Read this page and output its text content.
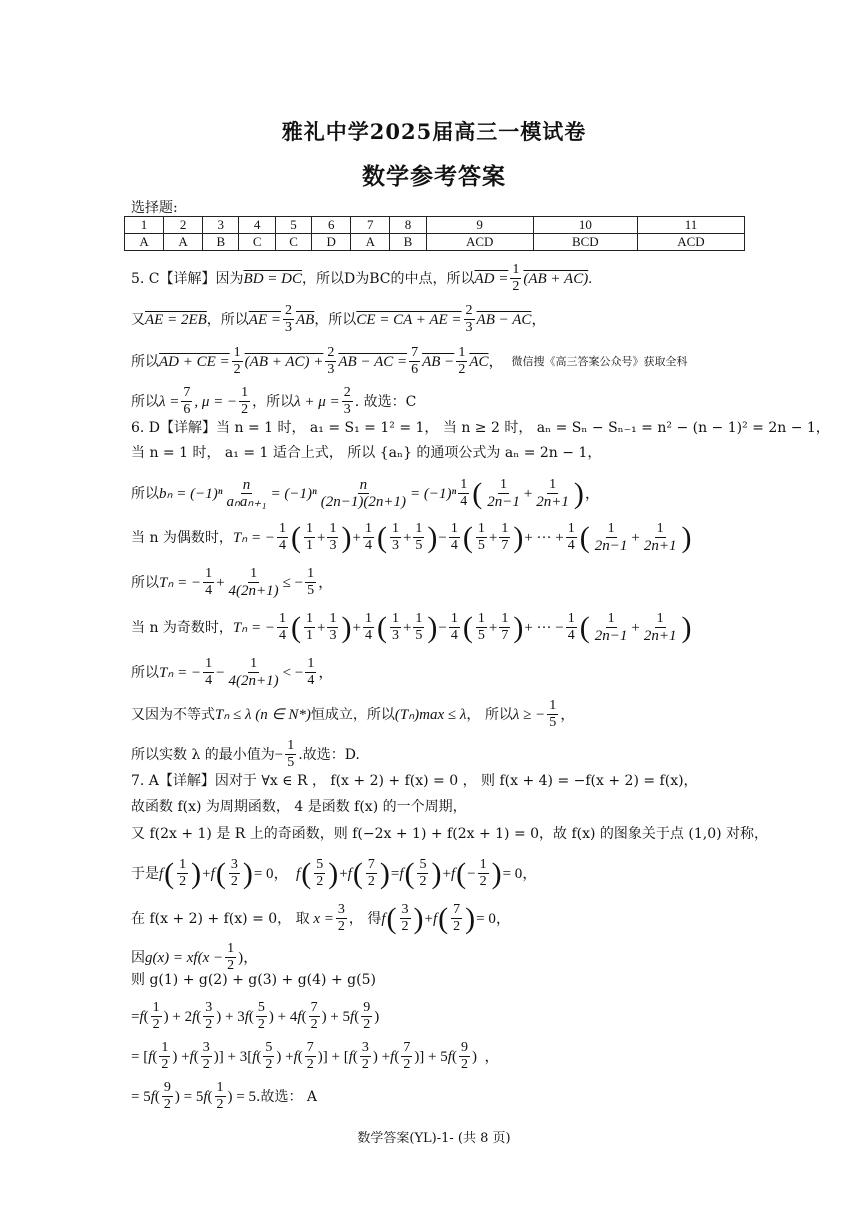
雅礼中学2025届高三一模试卷
数学参考答案
选择题:
1	2	3	4	5	6	7	8	9	10	11
A	A	B	C	C	D	A	B	ACD	BCD	ACD
5. C【详解】因为 BD = DC ，所以D为BC的中点，所以 AD = $\frac{1}{2} (AB + AC)$ .
又 AE = 2EB ，所以 AE = $\frac{2}{3} \overline{AB}$ ，所以 CE = CA + AE = $\frac{2}{3}$ AB − AC ，
所以 AD + CE = $\frac{1}{2} (AB + AC) + \frac{2}{3}$ AB − AC = $\frac{7}{6}$ AB − $\frac{1}{2} \overline{AC}$ ， 微信搜《高三答案公众号》获取全科
所以 $\lambda = \frac{7}{6}$ , μ = − $\frac{1}{2}$ ，所以 $\lambda + \mu = \frac{2}{3}$ . 故选：C
6. D【详解】当 n = 1 时， a₁ = S₁ = 1² = 1， 当 n ≥ 2 时， aₙ = Sₙ − Sₙ₋₁ = n² − (n − 1)² = 2n − 1，
当 n = 1 时， a₁ = 1 适合上式， 所以 {aₙ} 的通项公式为 aₙ = 2n − 1，
所以 $b_n = (-1)^n \frac{n}{\text{aₙaₙ₊₁}} = (-1)^n \frac{n}{(2n-1)(2n+1)} = (-1)^n \frac{1}{4}$ ( $\frac{1}{2n-1} + \frac{1}{2n+1}$ ) ，
当 n 为偶数时， Tₙ = − $\frac{1}{4}$ ( $\frac{1}{1} + \frac{1}{3}$ ) + $\frac{1}{4}$ ( $\frac{1}{3} + \frac{1}{5}$ ) − $\frac{1}{4}$ ( $\frac{1}{5} + \frac{1}{7}$ ) + ··· + $\frac{1}{4}$ ( $\frac{1}{2n-1} + \frac{1}{2n+1}$ )
所以 Tₙ = − $\frac{1}{4} + \frac{1}{4(2n+1)}$ ≤ − $\frac{1}{5}$ ，
当 n 为奇数时， Tₙ = − $\frac{1}{4}$ ( $\frac{1}{1} + \frac{1}{3}$ ) + $\frac{1}{4}$ ( $\frac{1}{3} + \frac{1}{5}$ ) − $\frac{1}{4}$ ( $\frac{1}{5} + \frac{1}{7}$ ) + ··· − $\frac{1}{4}$ ( $\frac{1}{2n-1} + \frac{1}{2n+1}$ )
所以 Tₙ = − $\frac{1}{4} - \frac{1}{4(2n+1)}$ < − $\frac{1}{4}$ ，
又因为不等式 Tₙ ≤ λ (n ∈ N*) 恒成立，所以 (Tₙ)max ≤ λ ， 所以 λ ≥ − $\frac{1}{5}$ ，
所以实数 λ 的最小值为 − $\frac{1}{5}$ .故选：D.
7. A【详解】因对于 ∀x ∈ R ， f(x + 2) + f(x) = 0 ， 则 f(x + 4) = −f(x + 2) = f(x)，
故函数 f(x) 为周期函数， 4 是函数 f(x) 的一个周期，
又 f(2x + 1) 是 R 上的奇函数，则 f(−2x + 1) + f(2x + 1) = 0，故 f(x) 的图象关于点 (1,0) 对称，
于是 f ( $\frac{1}{2}$ ) + f ( $\frac{3}{2}$ ) = 0， f ( $\frac{5}{2}$ ) + f ( $\frac{7}{2}$ ) = f ( $\frac{5}{2}$ ) + f ( − $\frac{1}{2}$ ) = 0，
在 f(x + 2) + f(x) = 0， 取 $x = \frac{3}{2}$ ， 得 f ( $\frac{3}{2}$ ) + f ( $\frac{7}{2}$ ) = 0，
因 $g(x) = xf(x - \frac{1}{2}$ )，
则 g(1) + g(2) + g(3) + g(4) + g(5)
= f ( $\frac{1}{2}$ ) + 2 f ( $\frac{3}{2}$ ) + 3 f ( $\frac{5}{2}$ ) + 4 f ( $\frac{7}{2}$ ) + 5 f ( $\frac{9}{2}$ )
= [ f ( $\frac{1}{2}$ ) + f ( $\frac{3}{2}$ )] + 3[ f ( $\frac{5}{2}$ ) + f ( $\frac{7}{2}$ )] + [ f ( $\frac{3}{2}$ ) + f ( $\frac{7}{2}$ )] + 5 f ( $\frac{9}{2}$ )  ，
= 5 f ( $\frac{9}{2}$ ) = 5 f ( $\frac{1}{2}$ ) = 5 .故选： A
数学答案(YL)-1- (共 8 页)
